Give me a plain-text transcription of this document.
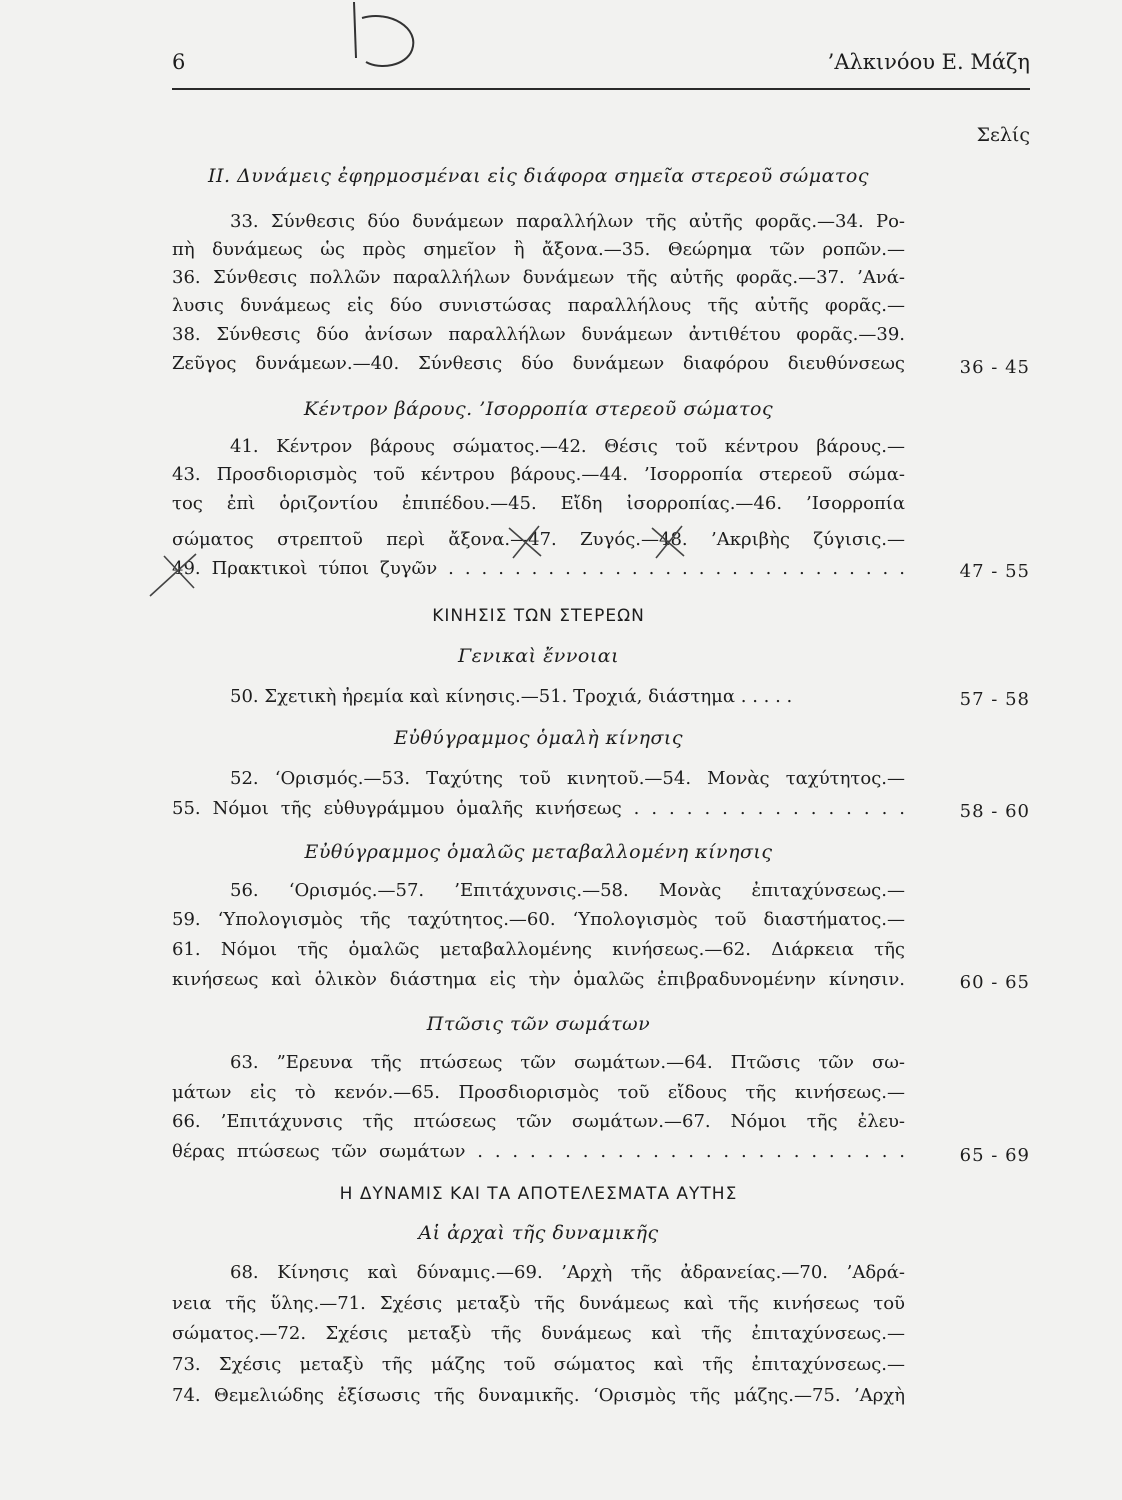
6	’Αλκινόου Ε. Μάζη
Σελίς
II. Δυνάμεις ἐφηρμοσμέναι εἰς διάφορα σημεῖα στερεοῦ σώματος
33. Σύνθεσις δύο δυνάμεων παραλλήλων τῆς αὐτῆς φορᾶς.—34. Ρο-
πὴ δυνάμεως ὡς πρὸς σημεῖον ἢ ἄξονα.—35. Θεώρημα τῶν ροπῶν.—
36. Σύνθεσις πολλῶν παραλλήλων δυνάμεων τῆς αὐτῆς φορᾶς.—37. ’Ανά-
λυσις δυνάμεως εἰς δύο συνιστώσας παραλλήλους τῆς αὐτῆς φορᾶς.—
38. Σύνθεσις δύο ἀνίσων παραλλήλων δυνάμεων ἀντιθέτου φορᾶς.—39.
Ζεῦγος δυνάμεων.—40. Σύνθεσις δύο δυνάμεων διαφόρου διευθύνσεως	36 - 45
Κέντρον βάρους. ’Ισορροπία στερεοῦ σώματος
41. Κέντρον βάρους σώματος.—42. Θέσις τοῦ κέντρου βάρους.—
43. Προσδιορισμὸς τοῦ κέντρου βάρους.—44. ’Ισορροπία στερεοῦ σώμα-
τος ἐπὶ ὁριζοντίου ἐπιπέδου.—45. Εἴδη ἰσορροπίας.—46. ’Ισορροπία
σώματος στρεπτοῦ περὶ ἄξονα.—47. Ζυγός.—48. ’Ακριβὴς ζύγισις.—
49. Πρακτικοὶ τύποι ζυγῶν . . . . . . . . . . . . . . . . . . . . . . . . . . . .	47 - 55
ΚΙΝΗΣΙΣ ΤΩΝ ΣΤΕΡΕΩΝ
Γενικαὶ ἔννοιαι
50. Σχετικὴ ἠρεμία καὶ κίνησις.—51. Τροχιά, διάστημα . . . . .	57 - 58
Εὐθύγραμμος ὁμαλὴ κίνησις
52. ‘Ορισμός.—53. Ταχύτης τοῦ κινητοῦ.—54. Μονὰς ταχύτητος.—
55. Νόμοι τῆς εὐθυγράμμου ὁμαλῆς κινήσεως . . . . . . . . . . . . . . . .	58 - 60
Εὐθύγραμμος ὁμαλῶς μεταβαλλομένη κίνησις
56. ‘Ορισμός.—57. ’Επιτάχυνσις.—58. Μονὰς ἐπιταχύνσεως.—
59. ‘Υπολογισμὸς τῆς ταχύτητος.—60. ‘Υπολογισμὸς τοῦ διαστήματος.—
61. Νόμοι τῆς ὁμαλῶς μεταβαλλομένης κινήσεως.—62. Διάρκεια τῆς
κινήσεως καὶ ὁλικὸν διάστημα εἰς τὴν ὁμαλῶς ἐπιβραδυνομένην κίνησιν.	60 - 65
Πτῶσις τῶν σωμάτων
63. ”Ερευνα τῆς πτώσεως τῶν σωμάτων.—64. Πτῶσις τῶν σω-
μάτων εἰς τὸ κενόν.—65. Προσδιορισμὸς τοῦ εἴδους τῆς κινήσεως.—
66. ’Επιτάχυνσις τῆς πτώσεως τῶν σωμάτων.—67. Νόμοι τῆς ἐλευ-
θέρας πτώσεως τῶν σωμάτων . . . . . . . . . . . . . . . . . . . . . . . . .	65 - 69
Η ΔΥΝΑΜΙΣ ΚΑΙ ΤΑ ΑΠΟΤΕΛΕΣΜΑΤΑ ΑΥΤΗΣ
Αἱ ἀρχαὶ τῆς δυναμικῆς
68. Κίνησις καὶ δύναμις.—69. ’Αρχὴ τῆς ἀδρανείας.—70. ’Αδρά-
νεια τῆς ὕλης.—71. Σχέσις μεταξὺ τῆς δυνάμεως καὶ τῆς κινήσεως τοῦ
σώματος.—72. Σχέσις μεταξὺ τῆς δυνάμεως καὶ τῆς ἐπιταχύνσεως.—
73. Σχέσις μεταξὺ τῆς μάζης τοῦ σώματος καὶ τῆς ἐπιταχύνσεως.—
74. Θεμελιώδης ἐξίσωσις τῆς δυναμικῆς. ‘Ορισμὸς τῆς μάζης.—75. ’Αρχὴ
